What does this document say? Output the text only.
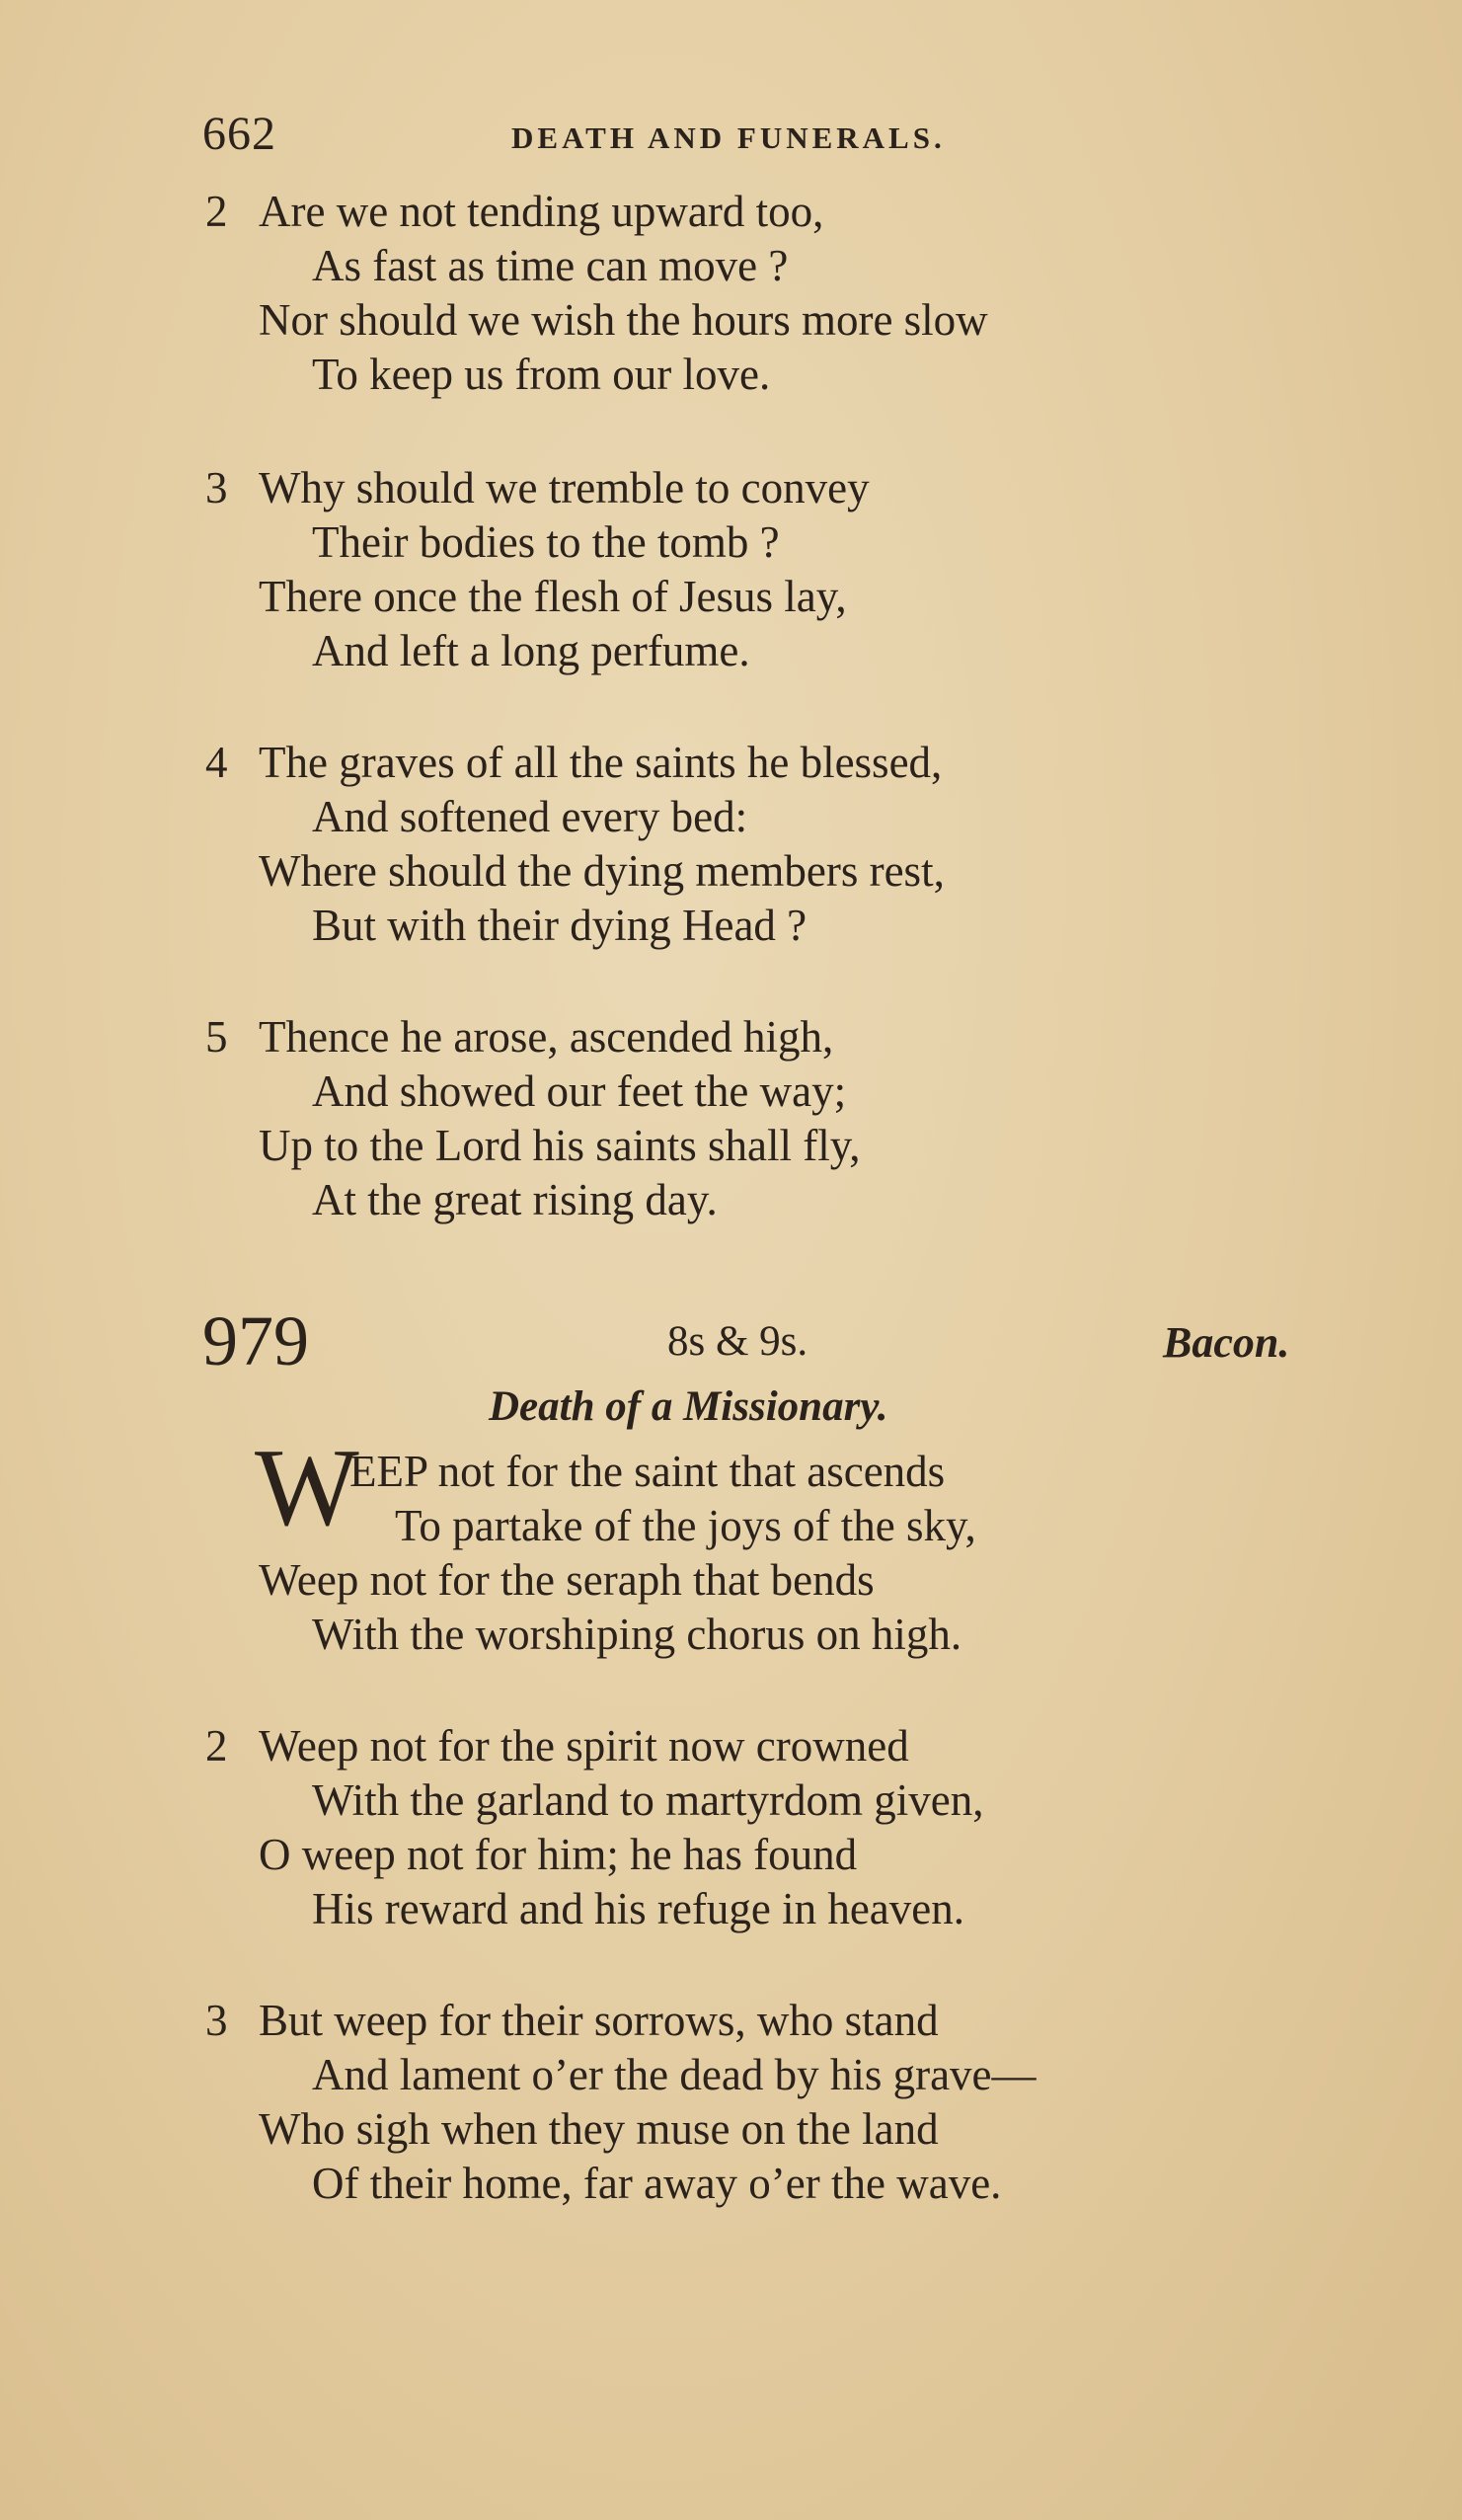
662	DEATH AND FUNERALS.
2 Are we not tending upward too,
As fast as time can move ?
Nor should we wish the hours more slow
To keep us from our love.
3 Why should we tremble to convey
Their bodies to the tomb ?
There once the flesh of Jesus lay,
And left a long perfume.
4 The graves of all the saints he blessed,
And softened every bed:
Where should the dying members rest,
But with their dying Head ?
5 Thence he arose, ascended high,
And showed our feet the way;
Up to the Lord his saints shall fly,
At the great rising day.
979	8s & 9s.	Bacon.
Death of a Missionary.
W
EEP not for the saint that ascends
To partake of the joys of the sky,
Weep not for the seraph that bends
With the worshiping chorus on high.
2 Weep not for the spirit now crowned
With the garland to martyrdom given,
O weep not for him; he has found
His reward and his refuge in heaven.
3 But weep for their sorrows, who stand
And lament o’er the dead by his grave—
Who sigh when they muse on the land
Of their home, far away o’er the wave.
